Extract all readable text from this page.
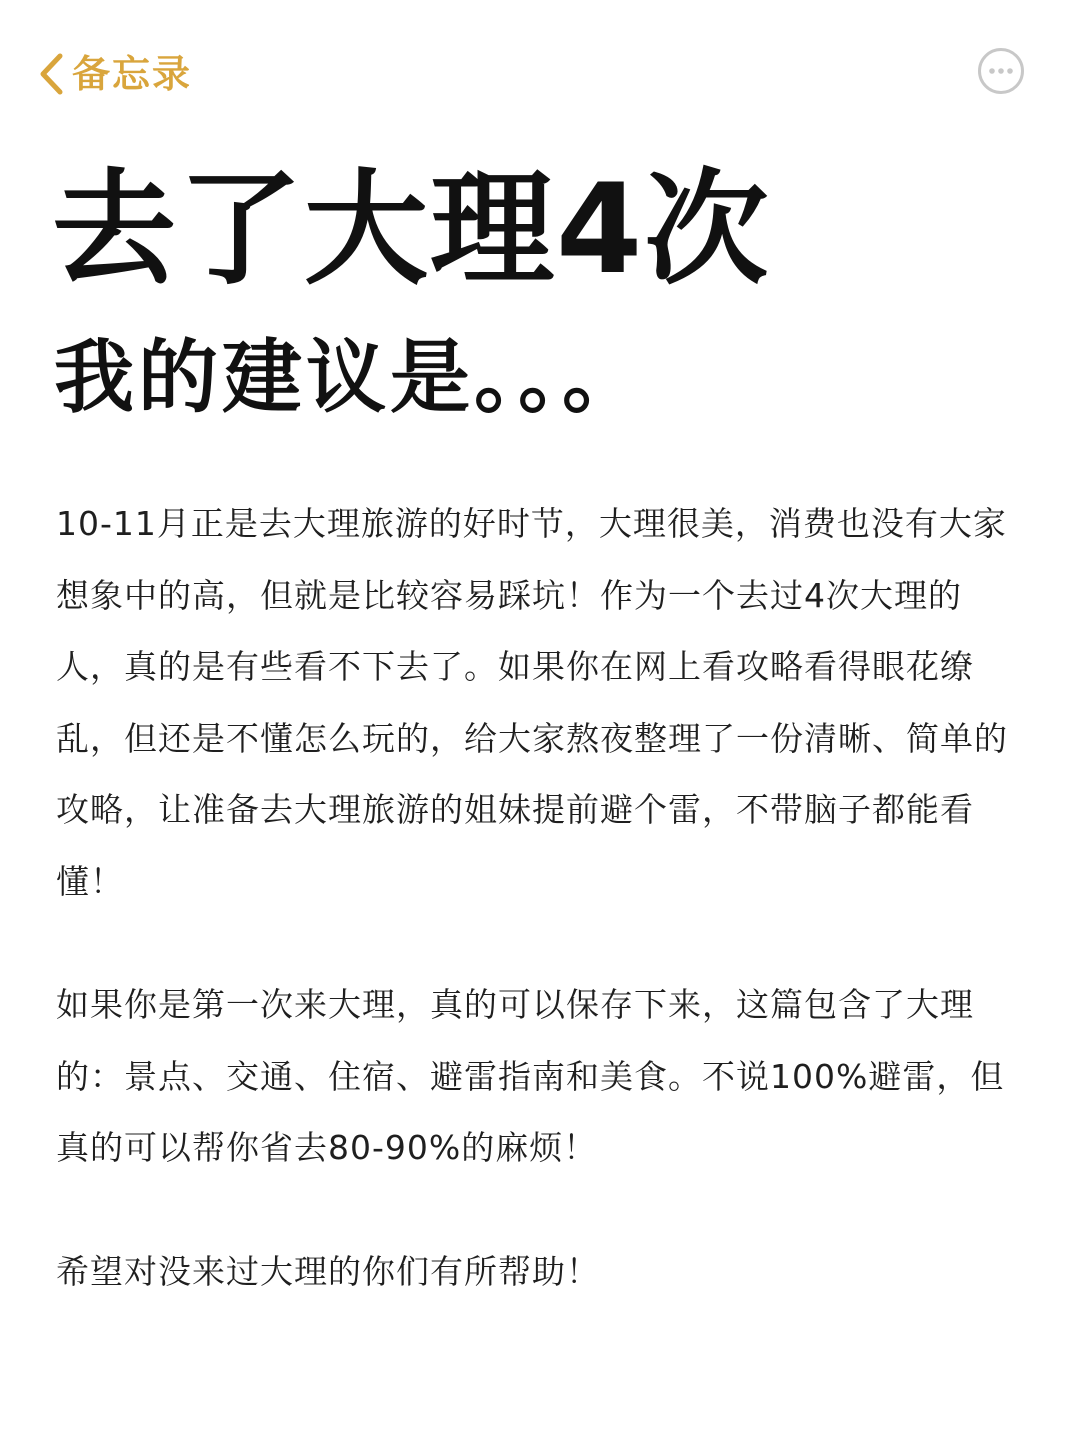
备忘录
去了大理4次
我的建议是。。。

10-11月正是去大理旅游的好时节，大理很美，消费也没有大家想象中的高，但就是比较容易踩坑！作为一个去过4次大理的人，真的是有些看不下去了。如果你在网上看攻略看得眼花缭乱，但还是不懂怎么玩的，给大家熬夜整理了一份清晰、简单的攻略，让准备去大理旅游的姐妹提前避个雷，不带脑子都能看懂！

如果你是第一次来大理，真的可以保存下来，这篇包含了大理的：景点、交通、住宿、避雷指南和美食。不说100%避雷，但真的可以帮你省去80-90%的麻烦！

希望对没来过大理的你们有所帮助！
